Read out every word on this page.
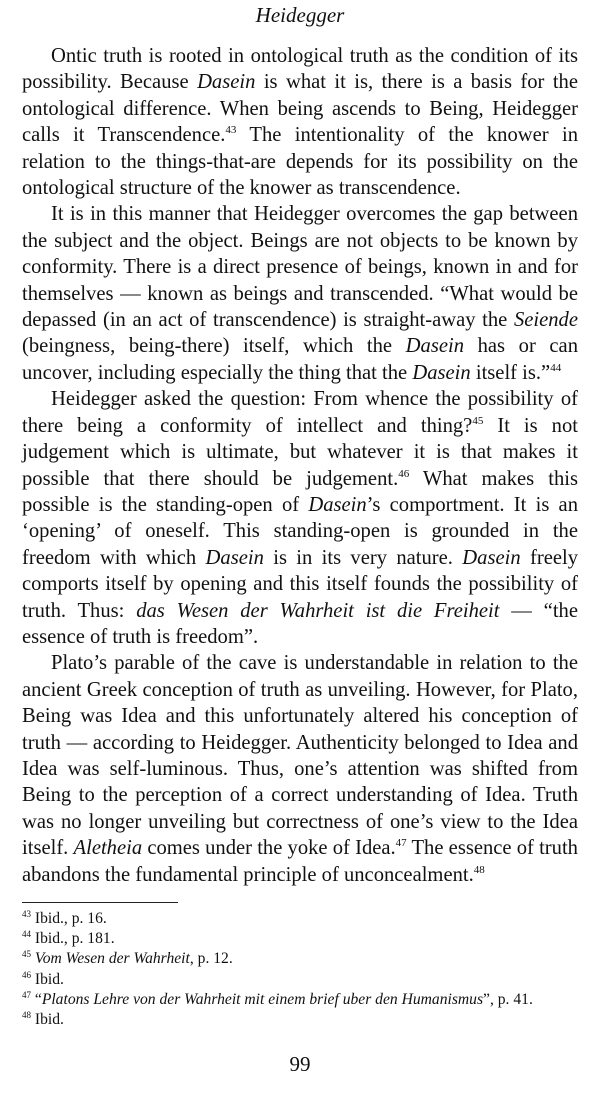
Heidegger

Ontic truth is rooted in ontological truth as the condition of its possibility. Because Dasein is what it is, there is a basis for the ontological difference. When being ascends to Being, Heidegger calls it Transcendence.$^{43}$ The intentionality of the knower in relation to the things-that-are depends for its possibility on the ontological structure of the knower as transcendence.

It is in this manner that Heidegger overcomes the gap between the subject and the object. Beings are not objects to be known by conformity. There is a direct presence of beings, known in and for themselves — known as beings and transcended. “What would be depassed (in an act of transcendence) is straight-away the Seiende (beingness, being-there) itself, which the Dasein has or can uncover, including especially the thing that the Dasein itself is.”$^{44}$

Heidegger asked the question: From whence the possibility of there being a conformity of intellect and thing?$^{45}$ It is not judgement which is ultimate, but whatever it is that makes it possible that there should be judgement.$^{46}$ What makes this possible is the standing-open of Dasein’s comportment. It is an ‘opening’ of oneself. This standing-open is grounded in the freedom with which Dasein is in its very nature. Dasein freely comports itself by opening and this itself founds the possibility of truth. Thus: das Wesen der Wahrheit ist die Freiheit — “the essence of truth is freedom”.

Plato’s parable of the cave is understandable in relation to the ancient Greek conception of truth as unveiling. However, for Plato, Being was Idea and this unfortunately altered his conception of truth — according to Heidegger. Authenticity belonged to Idea and Idea was self-luminous. Thus, one’s attention was shifted from Being to the perception of a correct understanding of Idea. Truth was no longer unveiling but correctness of one’s view to the Idea itself. Aletheia comes under the yoke of Idea.$^{47}$ The essence of truth abandons the fundamental principle of unconcealment.$^{48}$

$^{43}$ Ibid., p. 16.
$^{44}$ Ibid., p. 181.
$^{45}$ Vom Wesen der Wahrheit, p. 12.
$^{46}$ Ibid.
$^{47}$ “Platons Lehre von der Wahrheit mit einem brief uber den Humanismus”, p. 41.
$^{48}$ Ibid.
99
